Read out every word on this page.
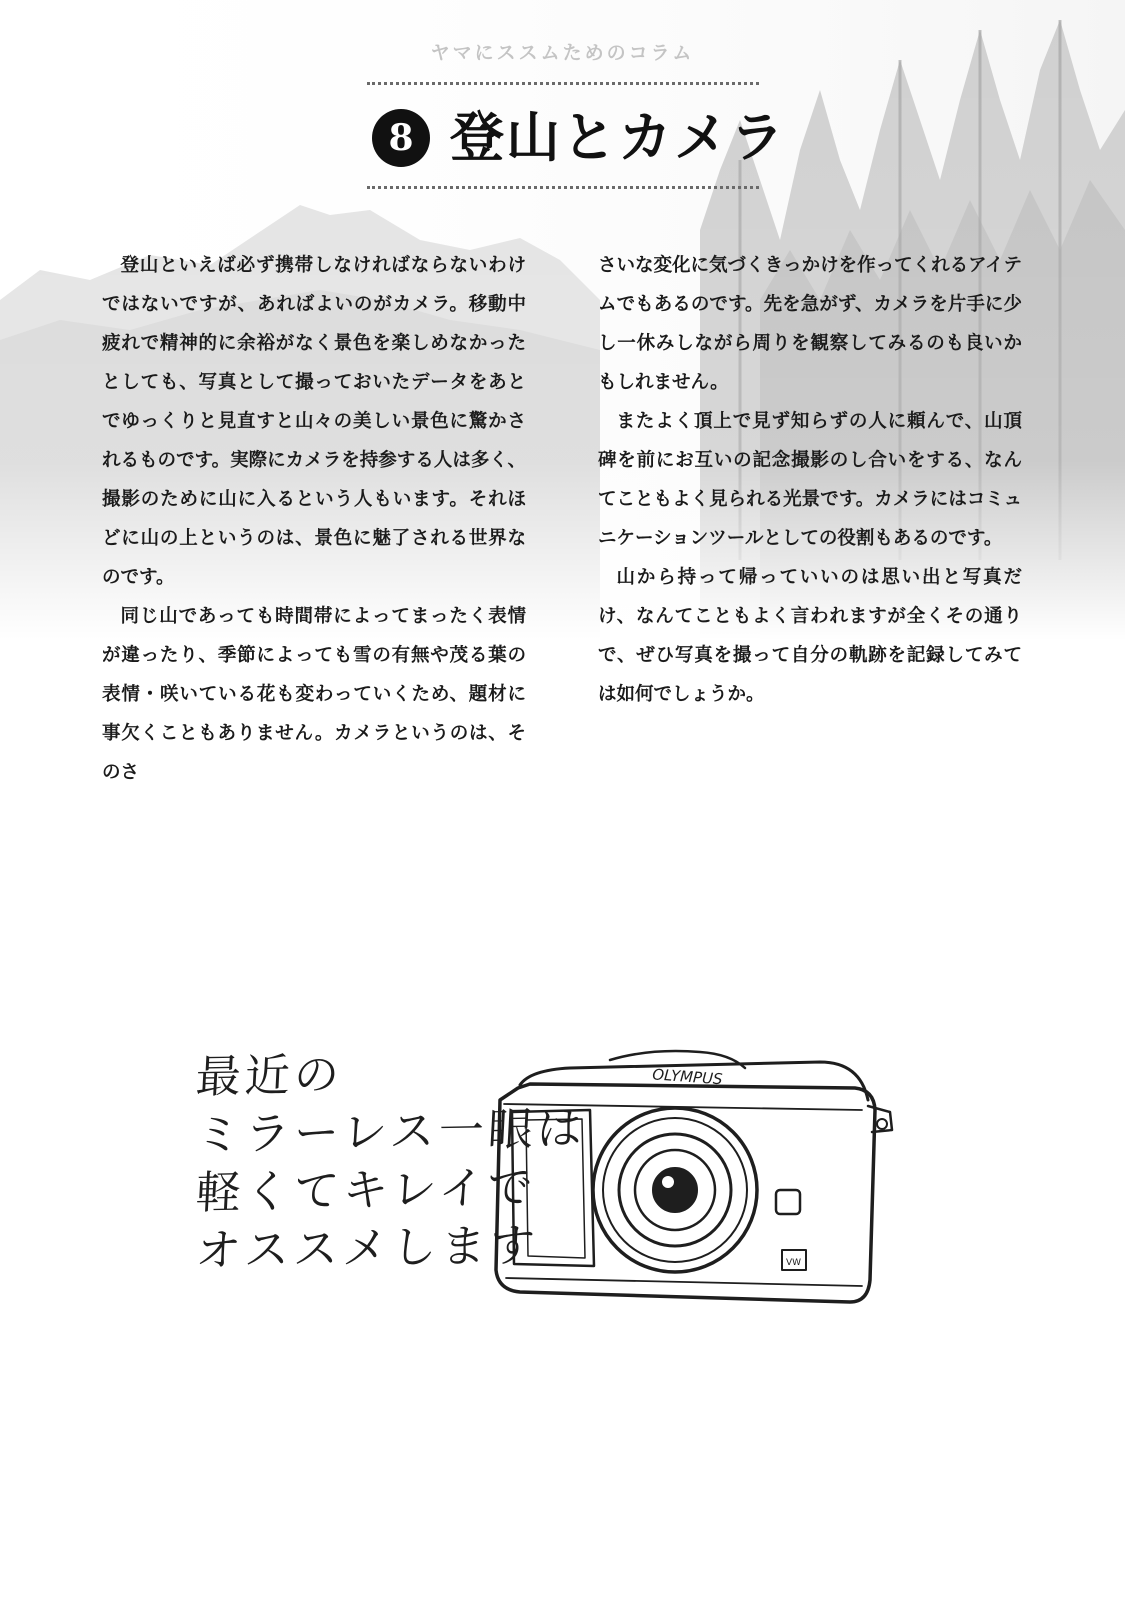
ヤマにススムためのコラム
8 登山とカメラ

登山といえば必ず携帯しなければならないわけではないですが、あればよいのがカメラ。移動中疲れで精神的に余裕がなく景色を楽しめなかったとしても、写真として撮っておいたデータをあとでゆっくりと見直すと山々の美しい景色に驚かされるものです。実際にカメラを持参する人は多く、撮影のために山に入るという人もいます。それほどに山の上というのは、景色に魅了される世界なのです。

同じ山であっても時間帯によってまったく表情が違ったり、季節によっても雪の有無や茂る葉の表情・咲いている花も変わっていくため、題材に事欠くこともありません。カメラというのは、そのさ

さいな変化に気づくきっかけを作ってくれるアイテムでもあるのです。先を急がず、カメラを片手に少し一休みしながら周りを観察してみるのも良いかもしれません。

またよく頂上で見ず知らずの人に頼んで、山頂碑を前にお互いの記念撮影のし合いをする、なんてこともよく見られる光景です。カメラにはコミュニケーションツールとしての役割もあるのです。

山から持って帰っていいのは思い出と写真だけ、なんてこともよく言われますが全くその通りで、ぜひ写真を撮って自分の軌跡を記録してみては如何でしょうか。

最近の
ミラーレス一眼は
軽くてキレイで
オススメします
OLYMPUS
VW
